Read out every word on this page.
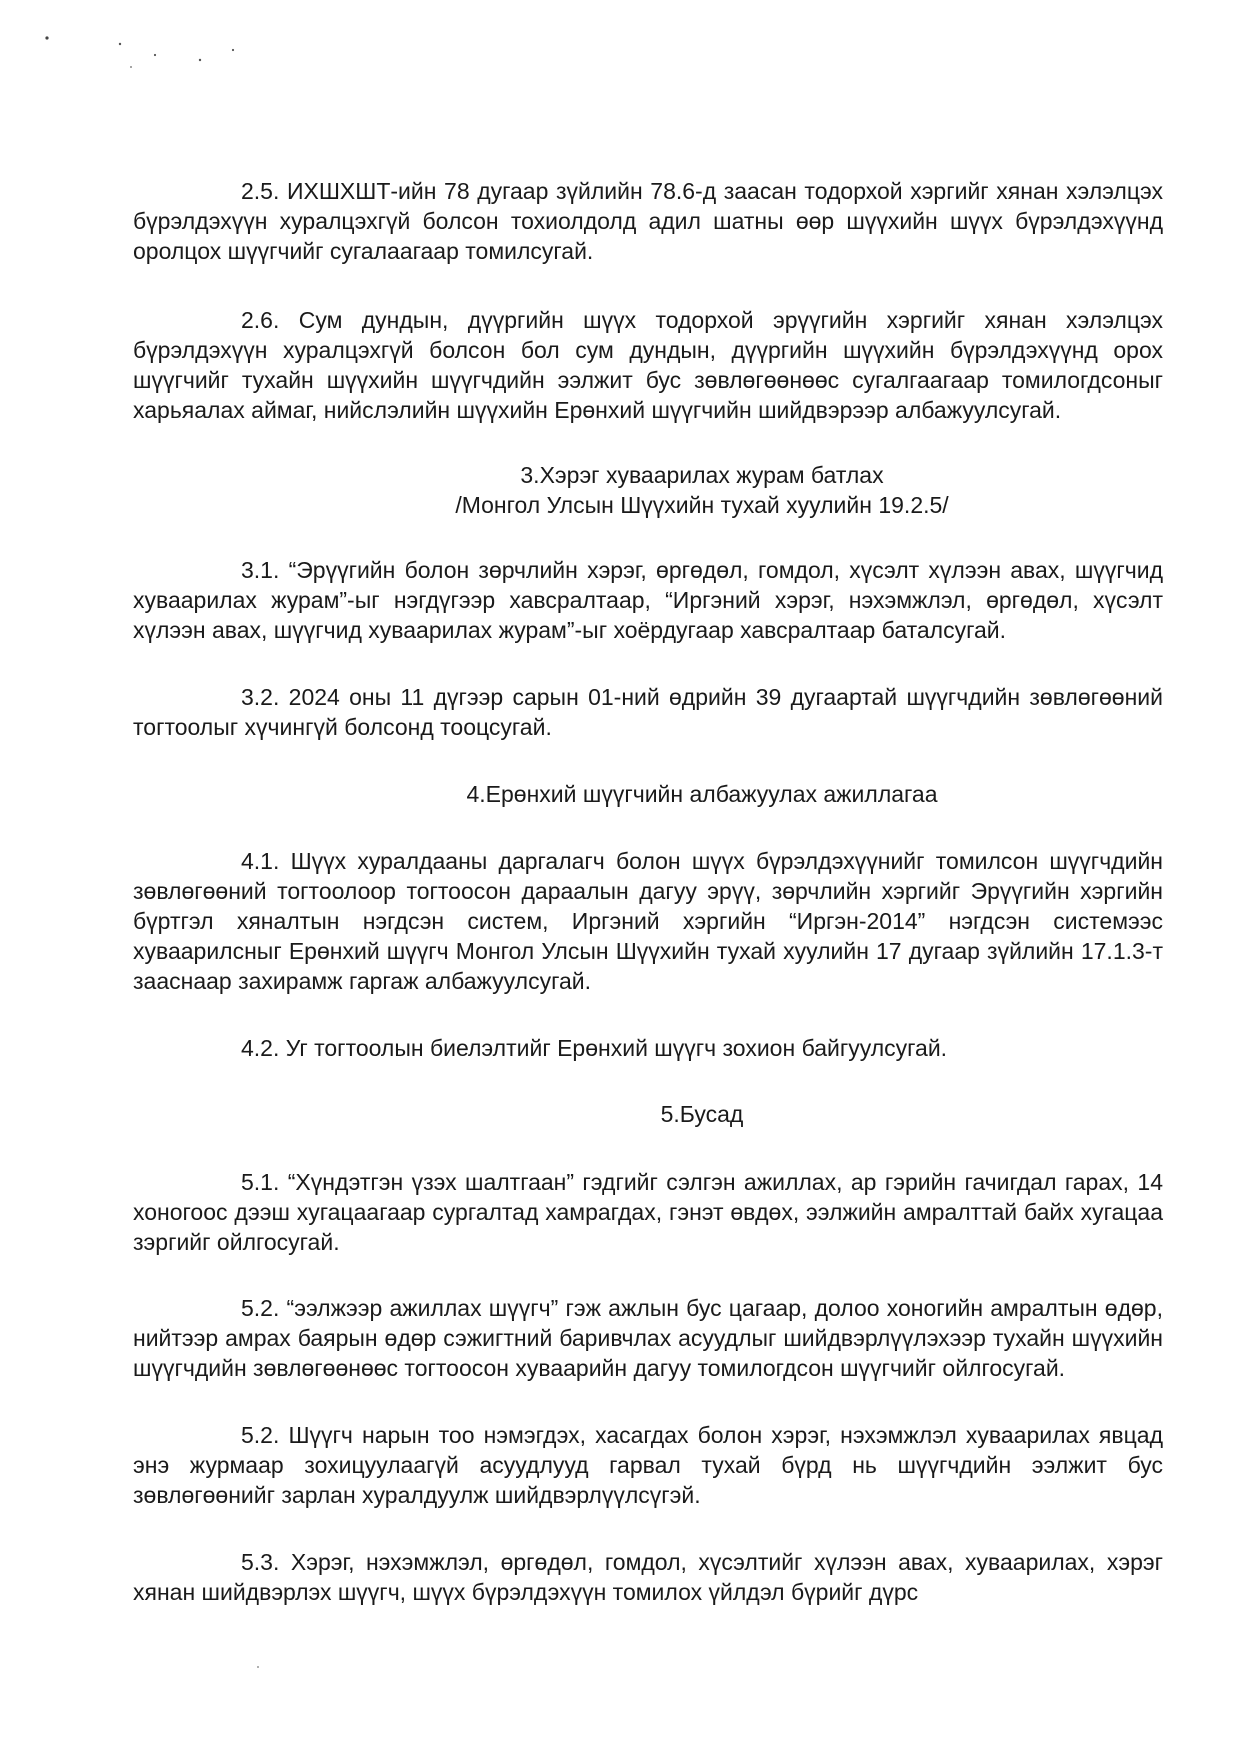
2.5. ИХШХШТ-ийн 78 дугаар зүйлийн 78.6-д заасан тодорхой хэргийг хянан хэлэлцэх бүрэлдэхүүн хуралцэхгүй болсон тохиолдолд адил шатны өөр шүүхийн шүүх бүрэлдэхүүнд оролцох шүүгчийг сугалаагаар томилсугай.

2.6. Сум дундын, дүүргийн шүүх тодорхой эрүүгийн хэргийг хянан хэлэлцэх бүрэлдэхүүн хуралцэхгүй болсон бол сум дундын, дүүргийн шүүхийн бүрэлдэхүүнд орох шүүгчийг тухайн шүүхийн шүүгчдийн ээлжит бус зөвлөгөөнөөс сугалгаагаар томилогдсоныг харьяалах аймаг, нийслэлийн шүүхийн Ерөнхий шүүгчийн шийдвэрээр албажуулсугай.

3.Хэрэг хуваарилах журам батлах

/Монгол Улсын Шүүхийн тухай хуулийн 19.2.5/

3.1. “Эрүүгийн болон зөрчлийн хэрэг, өргөдөл, гомдол, хүсэлт хүлээн авах, шүүгчид хуваарилах журам”-ыг нэгдүгээр хавсралтаар, “Иргэний хэрэг, нэхэмжлэл, өргөдөл, хүсэлт хүлээн авах, шүүгчид хуваарилах журам”-ыг хоёрдугаар хавсралтаар баталсугай.

3.2. 2024 оны 11 дүгээр сарын 01-ний өдрийн 39 дугаартай шүүгчдийн зөвлөгөөний тогтоолыг хүчингүй болсонд тооцсугай.

4.Ерөнхий шүүгчийн албажуулах ажиллагаа

4.1. Шүүх хуралдааны даргалагч болон шүүх бүрэлдэхүүнийг томилсон шүүгчдийн зөвлөгөөний тогтоолоор тогтоосон дараалын дагуу эрүү, зөрчлийн хэргийг Эрүүгийн хэргийн бүртгэл хяналтын нэгдсэн систем, Иргэний хэргийн “Иргэн-2014” нэгдсэн системээс хуваарилсныг Ерөнхий шүүгч Монгол Улсын Шүүхийн тухай хуулийн 17 дугаар зүйлийн 17.1.3-т зааснаар захирамж гаргаж албажуулсугай.

4.2. Уг тогтоолын биелэлтийг Ерөнхий шүүгч зохион байгуулсугай.

5.Бусад

5.1. “Хүндэтгэн үзэх шалтгаан” гэдгийг сэлгэн ажиллах, ар гэрийн гачигдал гарах, 14 хоногоос дээш хугацаагаар сургалтад хамрагдах, гэнэт өвдөх, ээлжийн амралттай байх хугацаа зэргийг ойлгосугай.

5.2. “ээлжээр ажиллах шүүгч” гэж ажлын бус цагаар, долоо хоногийн амралтын өдөр, нийтээр амрах баярын өдөр сэжигтний баривчлах асуудлыг шийдвэрлүүлэхээр тухайн шүүхийн шүүгчдийн зөвлөгөөнөөс тогтоосон хуваарийн дагуу томилогдсон шүүгчийг ойлгосугай.

5.2. Шүүгч нарын тоо нэмэгдэх, хасагдах болон хэрэг, нэхэмжлэл хуваарилах явцад энэ журмаар зохицуулаагүй асуудлууд гарвал тухай бүрд нь шүүгчдийн ээлжит бус зөвлөгөөнийг зарлан хуралдуулж шийдвэрлүүлсүгэй.

5.3. Хэрэг, нэхэмжлэл, өргөдөл, гомдол, хүсэлтийг хүлээн авах, хуваарилах, хэрэг хянан шийдвэрлэх шүүгч, шүүх бүрэлдэхүүн томилох үйлдэл бүрийг дүрс
